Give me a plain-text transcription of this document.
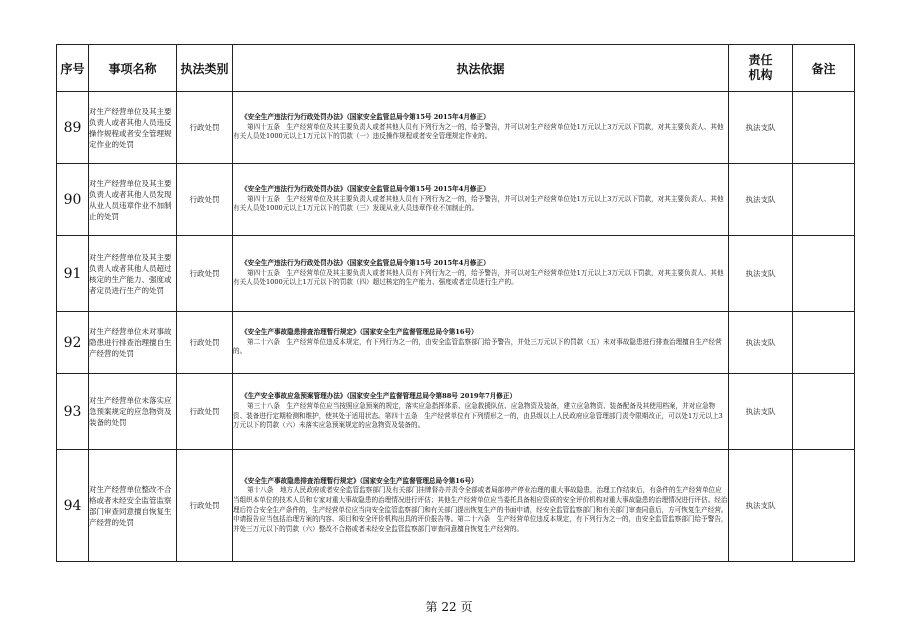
序号	事项名称	执法类别	执法依据	责任机构	备注
89	对生产经营单位及其主要负责人或者其他人员违反操作规程或者安全管理规定作业的处罚	行政处罚	《安全生产违法行为行政处罚办法》（国家安全监管总局令第15号 2015年4月修正）
第四十五条　生产经营单位及其主要负责人或者其他人员有下列行为之一的，给予警告，并可以对生产经营单位处1万元以上3万元以下罚款，对其主要负责人、其他有关人员处1000元以上1万元以下的罚款（一）违反操作规程或者安全管理规定作业的。	执法支队	
90	对生产经营单位及其主要负责人或者其他人员发现从业人员违章作业不加制止的处罚	行政处罚	《安全生产违法行为行政处罚办法》（国家安全监管总局令第15号 2015年4月修正）
第四十五条　生产经营单位及其主要负责人或者其他人员有下列行为之一的，给予警告，并可以对生产经营单位处1万元以上3万元以下罚款，对其主要负责人、其他有关人员处1000元以上1万元以下的罚款（三）发现从业人员违章作业不加制止的。	执法支队	
91	对生产经营单位及其主要负责人或者其他人员超过核定的生产能力、强度或者定员进行生产的处罚	行政处罚	《安全生产违法行为行政处罚办法》（国家安全监管总局令第15号 2015年4月修正）
第四十五条　生产经营单位及其主要负责人或者其他人员有下列行为之一的，给予警告，并可以对生产经营单位处1万元以上3万元以下罚款，对其主要负责人、其他有关人员处1000元以上1万元以下的罚款（四）超过核定的生产能力、强度或者定员进行生产的。	执法支队	
92	对生产经营单位未对事故隐患进行排查治理擅自生产经营的处罚	行政处罚	《安全生产事故隐患排查治理暂行规定》（国家安全生产监督管理总局令第16号）
第二十六条　生产经营单位违反本规定，有下列行为之一的，由安全监管监察部门给予警告，并处三万元以下的罚款（五）未对事故隐患进行排查治理擅自生产经营的。	执法支队	
93	对生产经营单位未落实应急预案规定的应急物资及装备的处罚	行政处罚	《生产安全事故应急预案管理办法》（国家安全生产监督管理总局令第88号 2019年7月修正）
第三十八条　生产经营单位应当按照应急预案的规定，落实应急指挥体系、应急救援队伍、应急物资及装备，建立应急物资、装备配备及其使用档案，并对应急物资、装备进行定期检测和维护，使其处于适用状态。第四十五条　生产经营单位有下列情形之一的，由县级以上人民政府应急管理部门责令限期改正，可以处1万元以上3万元以下的罚款（六）未落实应急预案规定的应急物资及装备的。	执法支队	
94	对生产经营单位整改不合格或者未经安全监管监察部门审查同意擅自恢复生产经营的处罚	行政处罚	《安全生产事故隐患排查治理暂行规定》（国家安全生产监督管理总局令第16号）
第十八条　地方人民政府或者安全监管监察部门及有关部门挂牌督办并责令全部或者局部停产停业治理的重大事故隐患，治理工作结束后，有条件的生产经营单位应当组织本单位的技术人员和专家对重大事故隐患的治理情况进行评估；其他生产经营单位应当委托具备相应资质的安全评价机构对重大事故隐患的治理情况进行评估。经治理后符合安全生产条件的，生产经营单位应当向安全监管监察部门和有关部门提出恢复生产的书面申请，经安全监管监察部门和有关部门审查同意后，方可恢复生产经营。申请报告应当包括治理方案的内容、项目和安全评价机构出具的评价报告等。第二十六条　生产经营单位违反本规定，有下列行为之一的，由安全监管监察部门给予警告，并处三万元以下的罚款（六）整改不合格或者未经安全监管监察部门审查同意擅自恢复生产经营的。	执法支队	
第 22 页
